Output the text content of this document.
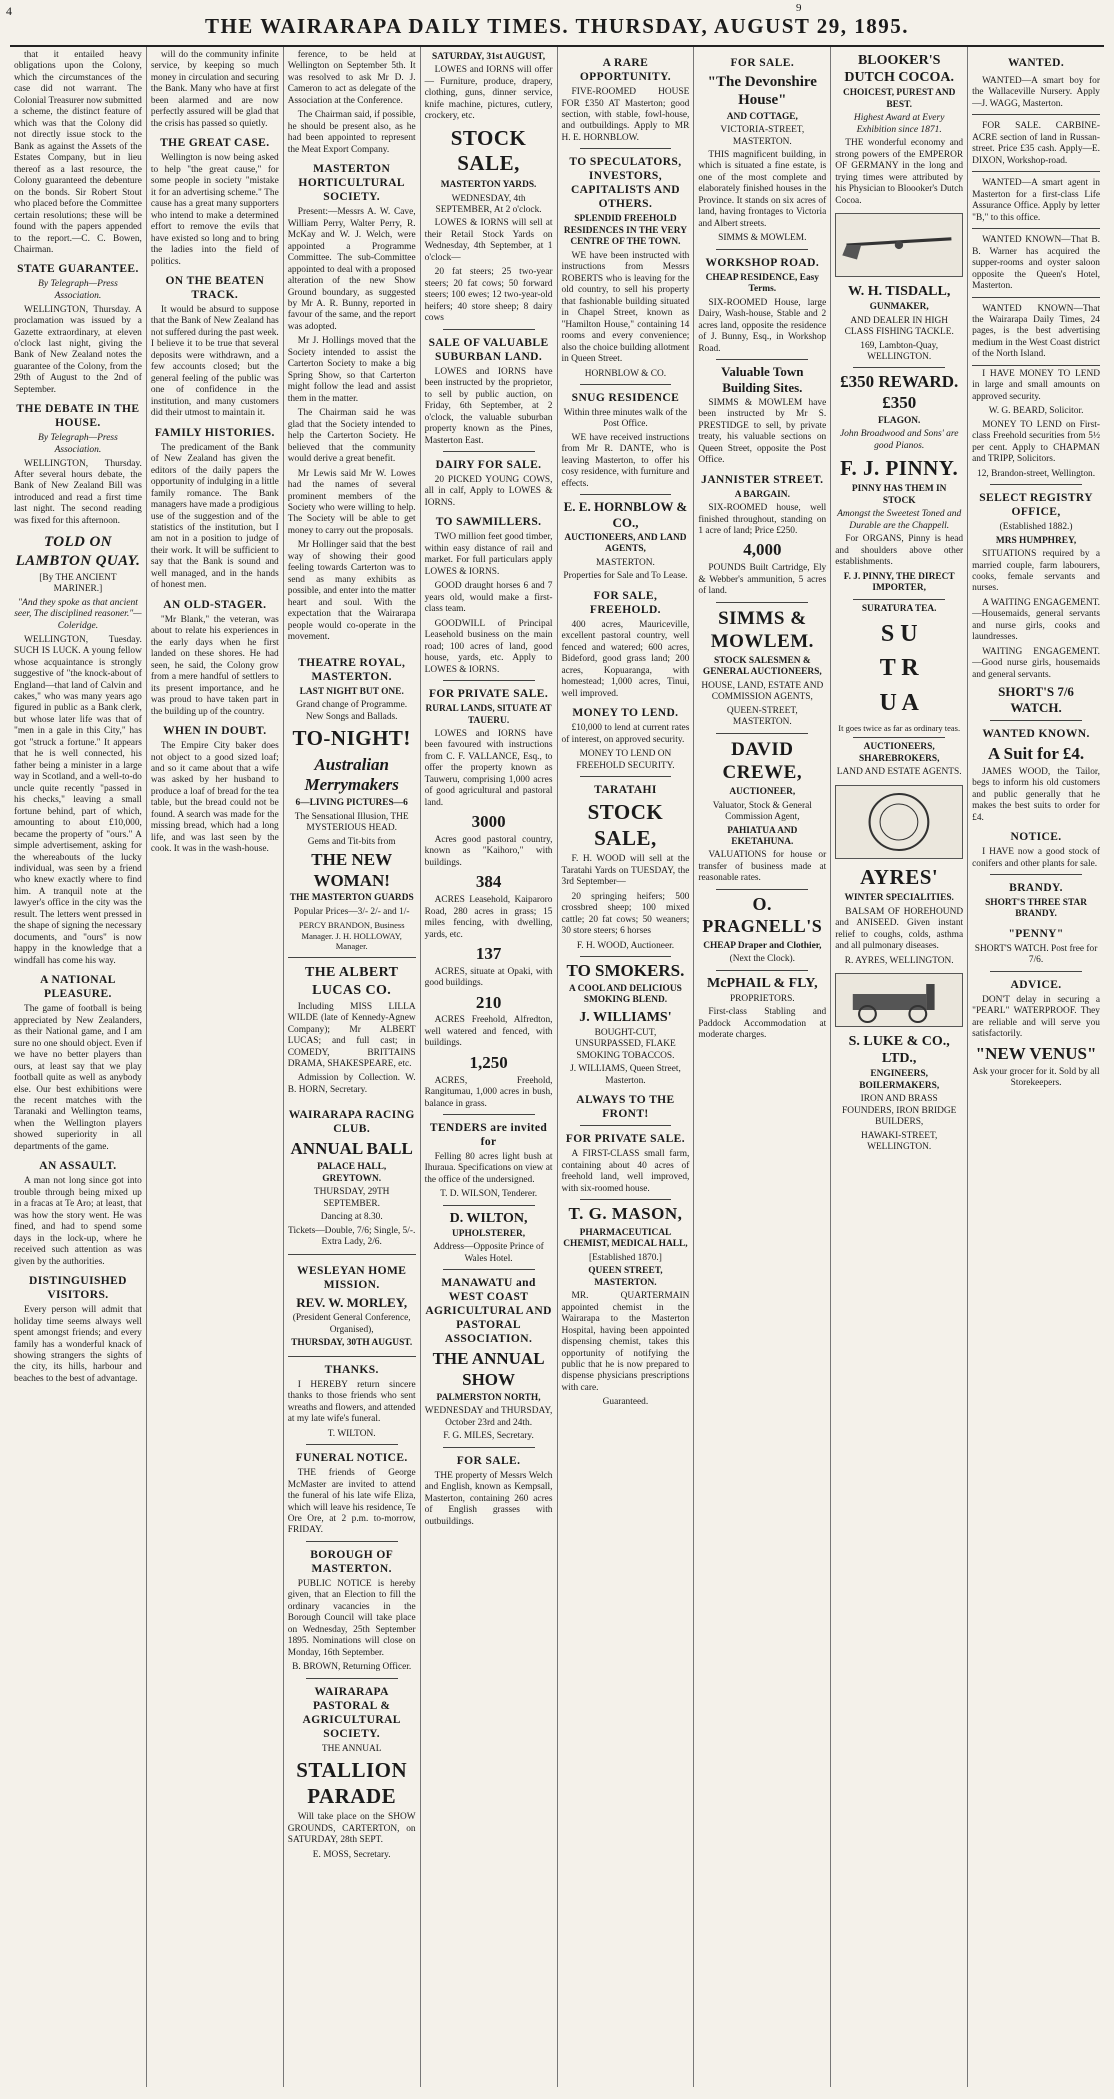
4	9
THE WAIRARAPA DAILY TIMES. THURSDAY, AUGUST 29, 1895.

that it entailed heavy obligations upon the Colony, which the circumstances of the case did not warrant. The Colonial Treasurer now submitted a scheme, the distinct feature of which was that the Colony did not directly issue stock to the Bank as against the Assets of the Estates Company, but in lieu thereof as a last resource, the Colony guaranteed the debenture on the bonds. Sir Robert Stout who placed before the Committee certain resolutions; these will be found with the papers appended to the report.—C. C. Bowen, Chairman.

STATE GUARANTEE.
By Telegraph—Press Association.

WELLINGTON, Thursday. A proclamation was issued by a Gazette extraordinary, at eleven o'clock last night, giving the Bank of New Zealand notes the guarantee of the Colony, from the 29th of August to the 2nd of September.

THE DEBATE IN THE HOUSE.
By Telegraph—Press Association.

WELLINGTON, Thursday. After several hours debate, the Bank of New Zealand Bill was introduced and read a first time last night. The second reading was fixed for this afternoon.

TOLD ON LAMBTON QUAY.
[By THE ANCIENT MARINER.]
"And they spoke as that ancient seer, The disciplined reasoner."—Coleridge.

WELLINGTON, Tuesday. SUCH IS LUCK. A young fellow whose acquaintance is strongly suggestive of "the knock-about of England—that land of Calvin and cakes," who was many years ago figured in public as a Bank clerk, but whose later life was that of "men in a gale in this City," has got "struck a fortune." It appears that he is well connected, his father being a minister in a large way in Scotland, and a well-to-do uncle quite recently "passed in his checks," leaving a small fortune behind, part of which, amounting to about £10,000, became the property of "ours." A simple advertisement, asking for the whereabouts of the lucky individual, was seen by a friend who knew exactly where to find him. A tranquil note at the lawyer's office in the city was the result. The letters went pressed in the shape of signing the necessary documents, and "ours" is now happy in the knowledge that a windfall has come his way.

A NATIONAL PLEASURE.

The game of football is being appreciated by New Zealanders, as their National game, and I am sure no one should object. Even if we have no better players than ours, at least say that we play football quite as well as anybody else. Our best exhibitions were the recent matches with the Taranaki and Wellington teams, when the Wellington players showed superiority in all departments of the game.

AN ASSAULT.

A man not long since got into trouble through being mixed up in a fracas at Te Aro; at least, that was how the story went. He was fined, and had to spend some days in the lock-up, where he received such attention as was given by the authorities.

DISTINGUISHED VISITORS.

Every person will admit that holiday time seems always well spent amongst friends; and every family has a wonderful knack of showing strangers the sights of the city, its hills, harbour and beaches to the best of advantage.

will do the community infinite service, by keeping so much money in circulation and securing the Bank. Many who have at first been alarmed and are now perfectly assured will be glad that the crisis has passed so quietly.

THE GREAT CASE.

Wellington is now being asked to help "the great cause," for some people in society "mistake it for an advertising scheme." The cause has a great many supporters who intend to make a determined effort to remove the evils that have existed so long and to bring the ladies into the field of politics.

ON THE BEATEN TRACK.

It would be absurd to suppose that the Bank of New Zealand has not suffered during the past week. I believe it to be true that several deposits were withdrawn, and a few accounts closed; but the general feeling of the public was one of confidence in the institution, and many customers did their utmost to maintain it.

FAMILY HISTORIES.

The predicament of the Bank of New Zealand has given the editors of the daily papers the opportunity of indulging in a little family romance. The Bank managers have made a prodigious use of the suggestion and of the statistics of the institution, but I am not in a position to judge of their work. It will be sufficient to say that the Bank is sound and well managed, and in the hands of honest men.

AN OLD-STAGER.

"Mr Blank," the veteran, was about to relate his experiences in the early days when he first landed on these shores. He had seen, he said, the Colony grow from a mere handful of settlers to its present importance, and he was proud to have taken part in the building up of the country.

WHEN IN DOUBT.

The Empire City baker does not object to a good sized loaf; and so it came about that a wife was asked by her husband to produce a loaf of bread for the tea table, but the bread could not be found. A search was made for the missing bread, which had a long life, and was last seen by the cook. It was in the wash-house.

ference, to be held at Wellington on September 5th. It was resolved to ask Mr D. J. Cameron to act as delegate of the Association at the Conference.

The Chairman said, if possible, he should be present also, as he had been appointed to represent the Meat Export Company.

MASTERTON HORTICULTURAL SOCIETY.

Present:—Messrs A. W. Cave, William Perry, Walter Perry, R. McKay and W. J. Welch, were appointed a Programme Committee. The sub-Committee appointed to deal with a proposed alteration of the new Show Ground boundary, as suggested by Mr A. R. Bunny, reported in favour of the same, and the report was adopted.

Mr J. Hollings moved that the Society intended to assist the Carterton Society to make a big Spring Show, so that Carterton might follow the lead and assist them in the matter.

The Chairman said he was glad that the Society intended to help the Carterton Society. He believed that the community would derive a great benefit.

Mr Lewis said Mr W. Lowes had the names of several prominent members of the Society who were willing to help. The Society will be able to get money to carry out the proposals.

Mr Hollinger said that the best way of showing their good feeling towards Carterton was to send as many exhibits as possible, and enter into the matter heart and soul. With the expectation that the Wairarapa people would co-operate in the movement.

THEATRE ROYAL, MASTERTON.
LAST NIGHT BUT ONE.
Grand change of Programme. New Songs and Ballads.
TO-NIGHT!
Australian Merrymakers
6—LIVING PICTURES—6
The Sensational Illusion, THE MYSTERIOUS HEAD.
Gems and Tit-bits from
THE NEW WOMAN!
THE MASTERTON GUARDS
Popular Prices—3/- 2/- and 1/-
PERCY BRANDON, Business Manager. J. H. HOLLOWAY, Manager.
THE ALBERT LUCAS CO.

Including MISS LILLA WILDE (late of Kennedy-Agnew Company); Mr ALBERT LUCAS; and full cast; in COMEDY, BRITTAINS DRAMA, SHAKESPEARE, etc.

Admission by Collection. W. B. HORN, Secretary.

WAIRARAPA RACING CLUB.
ANNUAL BALL
PALACE HALL, GREYTOWN.
THURSDAY, 29TH SEPTEMBER.
Dancing at 8.30.
Tickets—Double, 7/6; Single, 5/-. Extra Lady, 2/6.
WESLEYAN HOME MISSION.
REV. W. MORLEY,
(President General Conference, Organised),
THURSDAY, 30TH AUGUST.
THANKS.

I HEREBY return sincere thanks to those friends who sent wreaths and flowers, and attended at my late wife's funeral.

T. WILTON.
FUNERAL NOTICE.

THE friends of George McMaster are invited to attend the funeral of his late wife Eliza, which will leave his residence, Te Ore Ore, at 2 p.m. to-morrow, FRIDAY.

BOROUGH OF MASTERTON.

PUBLIC NOTICE is hereby given, that an Election to fill the ordinary vacancies in the Borough Council will take place on Wednesday, 25th September 1895. Nominations will close on Monday, 16th September.

B. BROWN, Returning Officer.
WAIRARAPA PASTORAL & AGRICULTURAL SOCIETY.
THE ANNUAL
STALLION PARADE

Will take place on the SHOW GROUNDS, CARTERTON, on SATURDAY, 28th SEPT.

E. MOSS, Secretary.
SATURDAY, 31st AUGUST,

LOWES and IORNS will offer— Furniture, produce, drapery, clothing, guns, dinner service, knife machine, pictures, cutlery, crockery, etc.

STOCK SALE,
MASTERTON YARDS.
WEDNESDAY, 4th SEPTEMBER, At 2 o'clock.

LOWES & IORNS will sell at their Retail Stock Yards on Wednesday, 4th September, at 1 o'clock—

20 fat steers; 25 two-year steers; 20 fat cows; 50 forward steers; 100 ewes; 12 two-year-old heifers; 40 store sheep; 8 dairy cows

SALE OF VALUABLE SUBURBAN LAND.

LOWES and IORNS have been instructed by the proprietor, to sell by public auction, on Friday, 6th September, at 2 o'clock, the valuable suburban property known as the Pines, Masterton East.

DAIRY FOR SALE.

20 PICKED YOUNG COWS, all in calf, Apply to LOWES & IORNS.

TO SAWMILLERS.

TWO million feet good timber, within easy distance of rail and market. For full particulars apply LOWES & IORNS.

GOOD draught horses 6 and 7 years old, would make a first-class team.

GOODWILL of Principal Leasehold business on the main road; 100 acres of land, good house, yards, etc. Apply to LOWES & IORNS.

FOR PRIVATE SALE.
RURAL LANDS, SITUATE AT TAUERU.

LOWES and IORNS have been favoured with instructions from C. F. VALLANCE, Esq., to offer the property known as Tauweru, comprising 1,000 acres of good agricultural and pastoral land.

3000

Acres good pastoral country, known as "Kaihoro," with buildings.

384

ACRES Leasehold, Kaiparoro Road, 280 acres in grass; 15 miles fencing, with dwelling, yards, etc.

137

ACRES, situate at Opaki, with good buildings.

210

ACRES Freehold, Alfredton, well watered and fenced, with buildings.

1,250

ACRES, Freehold, Rangitumau, 1,000 acres in bush, balance in grass.

TENDERS are invited for

Felling 80 acres light bush at Ihuraua. Specifications on view at the office of the undersigned.

T. D. WILSON, Tenderer.
D. WILTON,
UPHOLSTERER,
Address—Opposite Prince of Wales Hotel.
MANAWATU and WEST COAST AGRICULTURAL AND PASTORAL ASSOCIATION.
THE ANNUAL SHOW
PALMERSTON NORTH,
WEDNESDAY and THURSDAY, October 23rd and 24th.
F. G. MILES, Secretary.
FOR SALE.

THE property of Messrs Welch and English, known as Kempsall, Masterton, containing 260 acres of English grasses with outbuildings.

A RARE OPPORTUNITY.

FIVE-ROOMED HOUSE FOR £350 AT Masterton; good section, with stable, fowl-house, and outbuildings. Apply to MR H. E. HORNBLOW.

TO SPECULATORS, INVESTORS, CAPITALISTS AND OTHERS.
SPLENDID FREEHOLD RESIDENCES IN THE VERY CENTRE OF THE TOWN.

WE have been instructed with instructions from Messrs ROBERTS who is leaving for the old country, to sell his property that fashionable building situated in Chapel Street, known as "Hamilton House," containing 14 rooms and every convenience; also the choice building allotment in Queen Street.

HORNBLOW & CO.
SNUG RESIDENCE
Within three minutes walk of the Post Office.

WE have received instructions from Mr R. DANTE, who is leaving Masterton, to offer his cosy residence, with furniture and effects.

E. E. HORNBLOW & CO.,
AUCTIONEERS, AND LAND AGENTS,
MASTERTON.
Properties for Sale and To Lease.
FOR SALE, FREEHOLD.

400 acres, Mauriceville, excellent pastoral country, well fenced and watered; 600 acres, Bideford, good grass land; 200 acres, Kopuaranga, with homestead; 1,000 acres, Tinui, well improved.

MONEY TO LEND.

£10,000 to lend at current rates of interest, on approved security.

MONEY TO LEND ON FREEHOLD SECURITY.
TARATAHI
STOCK SALE,

F. H. WOOD will sell at the Taratahi Yards on TUESDAY, the 3rd September—

20 springing heifers; 500 crossbred sheep; 100 mixed cattle; 20 fat cows; 50 weaners; 30 store steers; 6 horses

F. H. WOOD, Auctioneer.
TO SMOKERS.
A COOL AND DELICIOUS SMOKING BLEND.
J. WILLIAMS'
BOUGHT-CUT, UNSURPASSED, FLAKE SMOKING TOBACCOS.
J. WILLIAMS, Queen Street, Masterton.
ALWAYS TO THE FRONT!
FOR PRIVATE SALE.

A FIRST-CLASS small farm, containing about 40 acres of freehold land, well improved, with six-roomed house.

T. G. MASON,
PHARMACEUTICAL CHEMIST, MEDICAL HALL,
[Established 1870.]
QUEEN STREET, MASTERTON.

MR. QUARTERMAIN appointed chemist in the Wairarapa to the Masterton Hospital, having been appointed dispensing chemist, takes this opportunity of notifying the public that he is now prepared to dispense physicians prescriptions with care.

Guaranteed.
FOR SALE.
"The Devonshire House"
AND COTTAGE,
VICTORIA-STREET, MASTERTON.

THIS magnificent building, in which is situated a fine estate, is one of the most complete and elaborately finished houses in the Province. It stands on six acres of land, having frontages to Victoria and Albert streets.

SIMMS & MOWLEM.
WORKSHOP ROAD.
CHEAP RESIDENCE, Easy Terms.

SIX-ROOMED House, large Dairy, Wash-house, Stable and 2 acres land, opposite the residence of J. Bunny, Esq., in Workshop Road.

Valuable Town Building Sites.

SIMMS & MOWLEM have been instructed by Mr S. PRESTIDGE to sell, by private treaty, his valuable sections on Queen Street, opposite the Post Office.

JANNISTER STREET.
A BARGAIN.

SIX-ROOMED house, well finished throughout, standing on 1 acre of land; Price £250.

4,000

POUNDS Built Cartridge, Ely & Webber's ammunition, 5 acres of land.

SIMMS & MOWLEM.
STOCK SALESMEN & GENERAL AUCTIONEERS,
HOUSE, LAND, ESTATE AND COMMISSION AGENTS,
QUEEN-STREET, MASTERTON.
DAVID CREWE,
AUCTIONEER,
Valuator, Stock & General Commission Agent,
PAHIATUA AND EKETAHUNA.

VALUATIONS for house or transfer of business made at reasonable rates.

O. PRAGNELL'S
CHEAP Draper and Clothier,
(Next the Clock).
McPHAIL & FLY,
PROPRIETORS.

First-class Stabling and Paddock Accommodation at moderate charges.

BLOOKER'S DUTCH COCOA.
CHOICEST, PUREST AND BEST.
Highest Award at Every Exhibition since 1871.

THE wonderful economy and strong powers of the EMPEROR OF GERMANY in the long and trying times were attributed by his Physician to Bloooker's Dutch Cocoa.

W. H. TISDALL,
GUNMAKER,
AND DEALER IN HIGH CLASS FISHING TACKLE.
169, Lambton-Quay, WELLINGTON.
£350 REWARD. £350
FLAGON.
John Broadwood and Sons' are good Pianos.
F. J. PINNY.
PINNY HAS THEM IN STOCK
Amongst the Sweetest Toned and Durable are the Chappell.

For ORGANS, Pinny is head and shoulders above other establishments.

F. J. PINNY, THE DIRECT IMPORTER,
SURATURA TEA.
S U
T R
U A
It goes twice as far as ordinary teas.
AUCTIONEERS, SHAREBROKERS,
LAND AND ESTATE AGENTS.
AYRES'
WINTER SPECIALITIES.

BALSAM OF HOREHOUND and ANISEED. Given instant relief to coughs, colds, asthma and all pulmonary diseases.

R. AYRES, WELLINGTON.
S. LUKE & CO., LTD.,
ENGINEERS, BOILERMAKERS,
IRON AND BRASS FOUNDERS, IRON BRIDGE BUILDERS,
HAWAKI-STREET, WELLINGTON.
WANTED.

WANTED—A smart boy for the Wallaceville Nursery. Apply—J. WAGG, Masterton.

FOR SALE. CARBINE-ACRE section of land in Russan-street. Price £35 cash. Apply—E. DIXON, Workshop-road.

WANTED—A smart agent in Masterton for a first-class Life Assurance Office. Apply by letter "B," to this office.

WANTED KNOWN—That B. B. Warner has acquired the supper-rooms and oyster saloon opposite the Queen's Hotel, Masterton.

WANTED KNOWN—That the Wairarapa Daily Times, 24 pages, is the best advertising medium in the West Coast district of the North Island.

I HAVE MONEY TO LEND in large and small amounts on approved security.

W. G. BEARD, Solicitor.

MONEY TO LEND on First-class Freehold securities from 5½ per cent. Apply to CHAPMAN and TRIPP, Solicitors.

12, Brandon-street, Wellington.
SELECT REGISTRY OFFICE,
(Established 1882.)
MRS HUMPHREY,

SITUATIONS required by a married couple, farm labourers, cooks, female servants and nurses.

A WAITING ENGAGEMENT.—Housemaids, general servants and nurse girls, cooks and laundresses.

WAITING ENGAGEMENT.—Good nurse girls, housemaids and general servants.

SHORT'S 7/6 WATCH.
WANTED KNOWN.
A Suit for £4.

JAMES WOOD, the Tailor, begs to inform his old customers and public generally that he makes the best suits to order for £4.

NOTICE.

I HAVE now a good stock of conifers and other plants for sale.

BRANDY.
SHORT'S THREE STAR BRANDY.
"PENNY"
SHORT'S WATCH. Post free for 7/6.
ADVICE.

DON'T delay in securing a "PEARL" WATERPROOF. They are reliable and will serve you satisfactorily.

"NEW VENUS"
Ask your grocer for it. Sold by all Storekeepers.
